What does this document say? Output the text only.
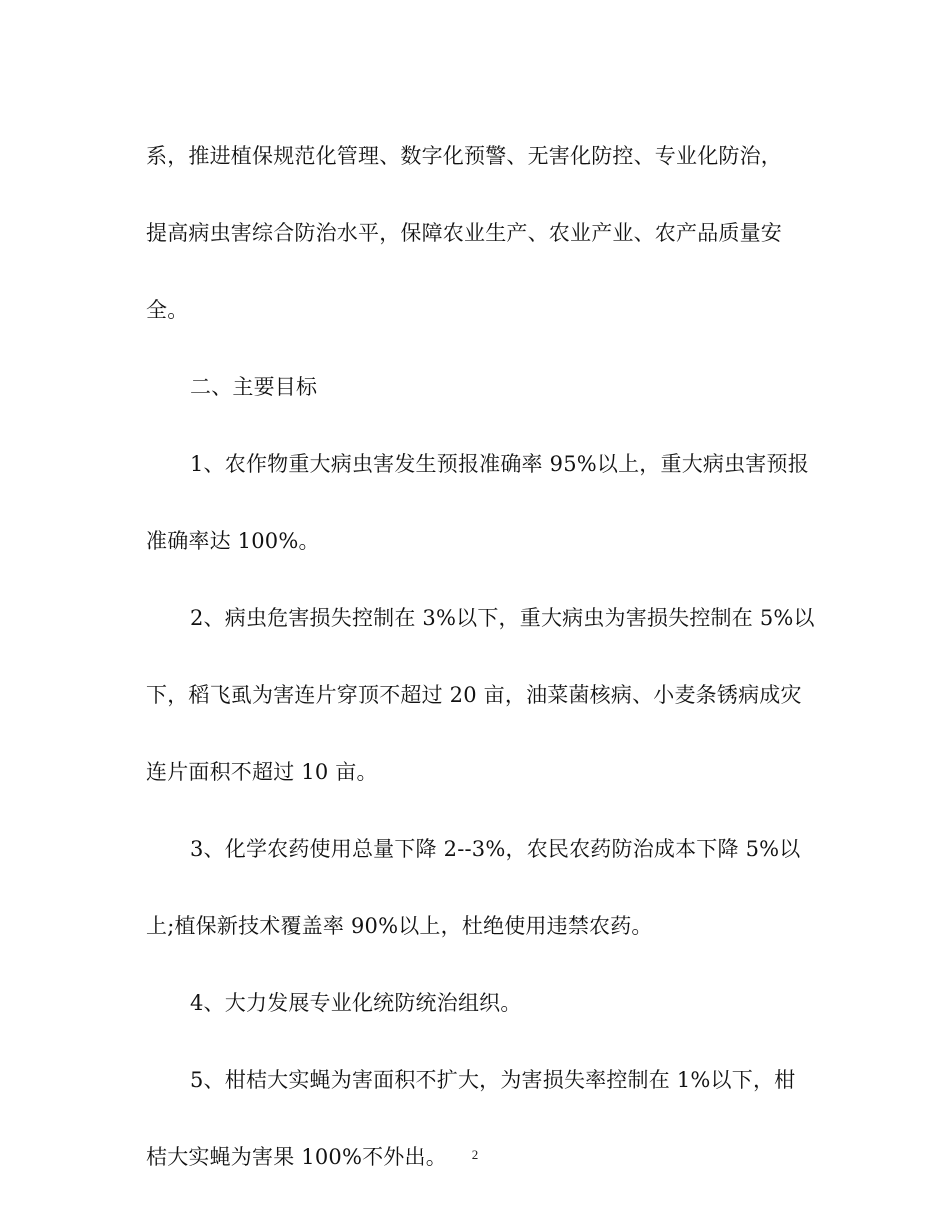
系，推进植保规范化管理、数字化预警、无害化防控、专业化防治，
提高病虫害综合防治水平，保障农业生产、农业产业、农产品质量安
全。
二、主要目标
1、农作物重大病虫害发生预报准确率 95%以上，重大病虫害预报
准确率达 100%。
2、病虫危害损失控制在 3%以下，重大病虫为害损失控制在 5%以
下，稻飞虱为害连片穿顶不超过 20 亩，油菜菌核病、小麦条锈病成灾
连片面积不超过 10 亩。
3、化学农药使用总量下降 2--3%，农民农药防治成本下降 5%以
上;植保新技术覆盖率 90%以上，杜绝使用违禁农药。
4、大力发展专业化统防统治组织。
5、柑桔大实蝇为害面积不扩大，为害损失率控制在 1%以下，柑
桔大实蝇为害果 100%不外出。	2
